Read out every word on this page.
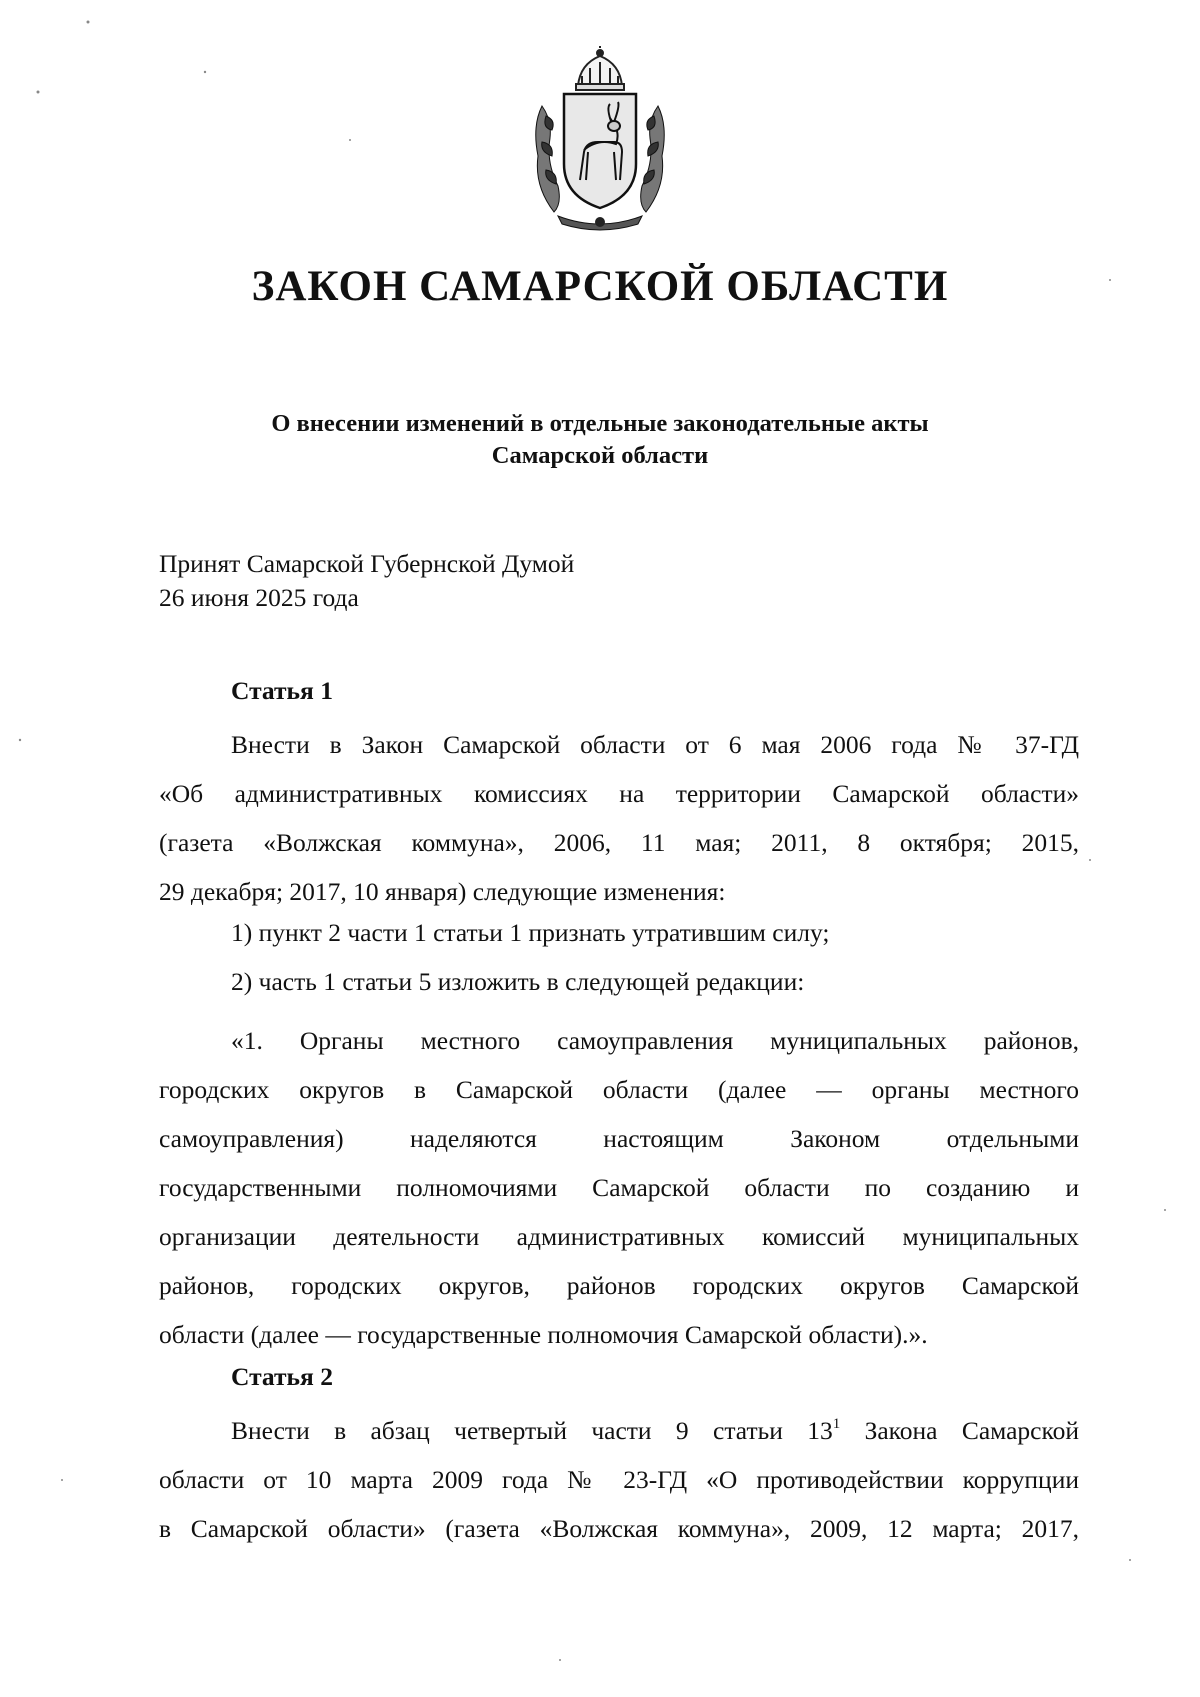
ЗАКОН САМАРСКОЙ ОБЛАСТИ
О внесении изменений в отдельные законодательные акты
Самарской области
Принят Самарской Губернской Думой
26 июня 2025 года
Статья 1
Внести в Закон Самарской области от 6 мая 2006 года № 37-ГД
«Об административных комиссиях на территории Самарской области»
(газета «Волжская коммуна», 2006, 11 мая; 2011, 8 октября; 2015,
29 декабря; 2017, 10 января) следующие изменения:
1) пункт 2 части 1 статьи 1 признать утратившим силу;
2) часть 1 статьи 5 изложить в следующей редакции:
«1. Органы местного самоуправления муниципальных районов,
городских округов в Самарской области (далее — органы местного
самоуправления) наделяются настоящим Законом отдельными
государственными полномочиями Самарской области по созданию и
организации деятельности административных комиссий муниципальных
районов, городских округов, районов городских округов Самарской
области (далее — государственные полномочия Самарской области).».
Статья 2
Внести в абзац четвертый части 9 статьи $13^1$ Закона Самарской
области от 10 марта 2009 года № 23-ГД «О противодействии коррупции
в Самарской области» (газета «Волжская коммуна», 2009, 12 марта; 2017,
